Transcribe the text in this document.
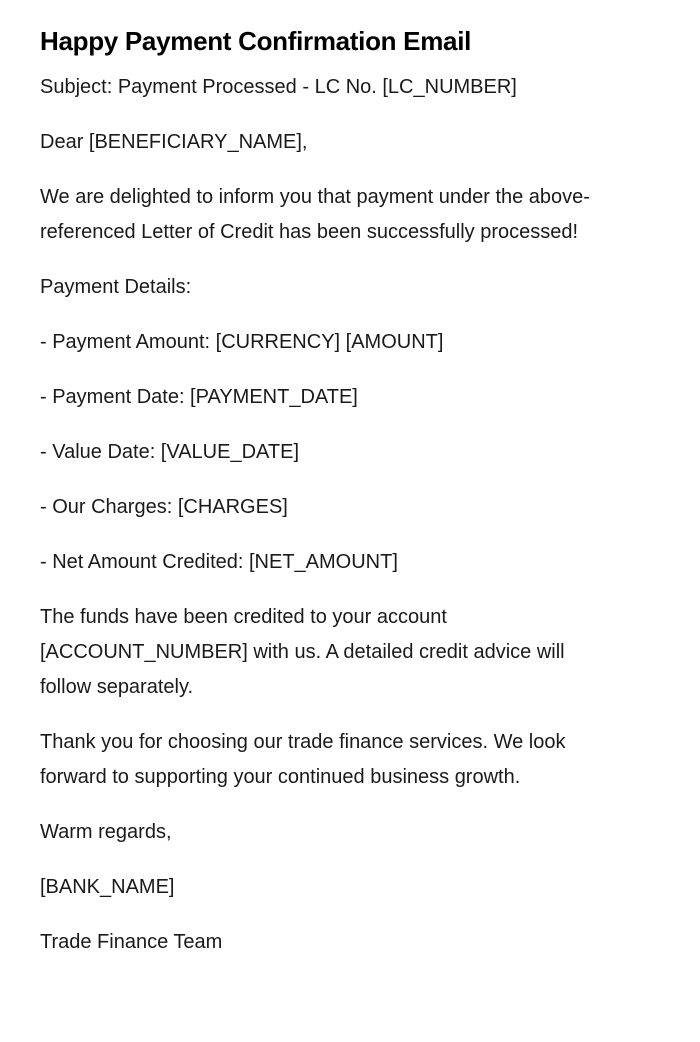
Happy Payment Confirmation Email

Subject: Payment Processed - LC No. [LC_NUMBER]

Dear [BENEFICIARY_NAME],

We are delighted to inform you that payment under the above-referenced Letter of Credit has been successfully processed!

Payment Details:

- Payment Amount: [CURRENCY] [AMOUNT]

- Payment Date: [PAYMENT_DATE]

- Value Date: [VALUE_DATE]

- Our Charges: [CHARGES]

- Net Amount Credited: [NET_AMOUNT]

The funds have been credited to your account [ACCOUNT_NUMBER] with us. A detailed credit advice will follow separately.

Thank you for choosing our trade finance services. We look forward to supporting your continued business growth.

Warm regards,

[BANK_NAME]

Trade Finance Team
